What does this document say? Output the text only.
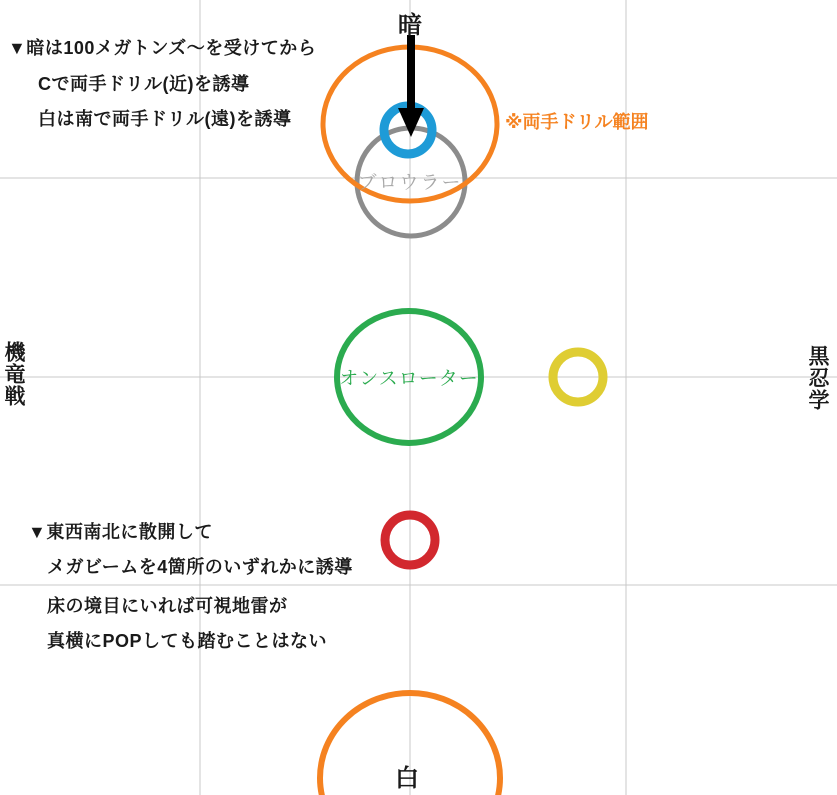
▼暗は100メガトンズ～を受けてから
Cで両手ドリル(近)を誘導
白は南で両手ドリル(遠)を誘導
暗
※両手ドリル範囲
ブロウラー
オンスローター
機竜戦	黒忍学
▼東西南北に散開して
メガビームを4箇所のいずれかに誘導
床の境目にいれば可視地雷が
真横にPOPしても踏むことはない
白
